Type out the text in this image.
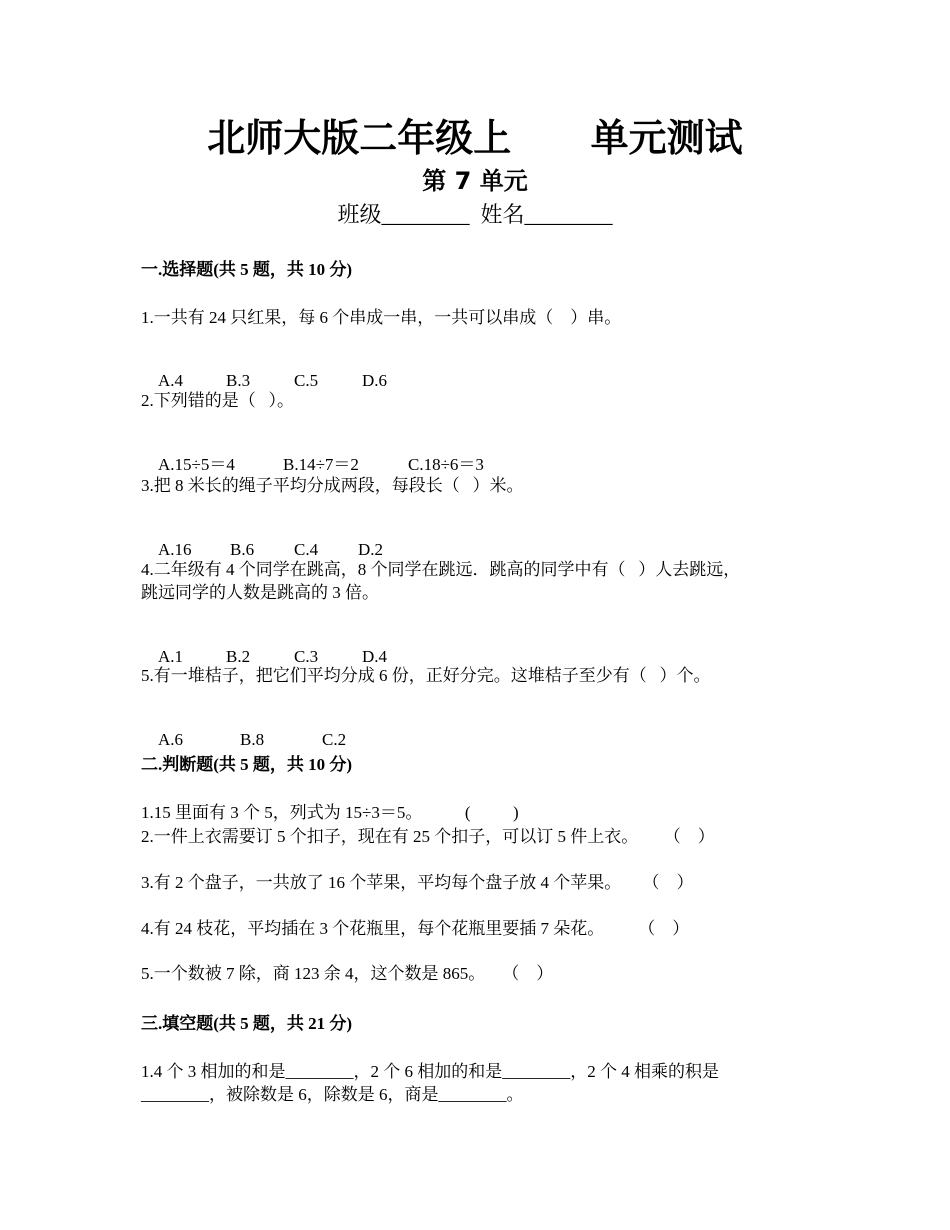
北师大版二年级上      单元测试
第 7 单元
班级________  姓名________
一.选择题(共 5 题，共 10 分)
1.一共有 24 只红果，每 6 个串成一串，一共可以串成（    ）串。

A.4	B.3	C.5	D.6

2.下列错的是（   ）。

A.15÷5＝4	B.14÷7＝2	C.18÷6＝3

3.把 8 米长的绳子平均分成两段，每段长（   ）米。

A.16 B.6 C.4 D.2

4.二年级有 4 个同学在跳高，8 个同学在跳远．跳高的同学中有（   ）人去跳远，
跳远同学的人数是跳高的 3 倍。

A.1	B.2	C.3	D.4

5.有一堆桔子，把它们平均分成 6 份，正好分完。这堆桔子至少有（   ）个。

A.6	B.8	C.2

二.判断题(共 5 题，共 10 分)
1.15 里面有 3 个 5，列式为 15÷3＝5。          (          )
2.一件上衣需要订 5 个扣子，现在有 25 个扣子，可以订 5 件上衣。      （    ）
3.有 2 个盘子，一共放了 16 个苹果，平均每个盘子放 4 个苹果。     （    ）
4.有 24 枝花，平均插在 3 个花瓶里，每个花瓶里要插 7 朵花。        （    ）
5.一个数被 7 除，商 123 余 4，这个数是 865。    （    ）
三.填空题(共 5 题，共 21 分)
1.4 个 3 相加的和是________，2 个 6 相加的和是________，2 个 4 相乘的积是
________，被除数是 6，除数是 6，商是________。
